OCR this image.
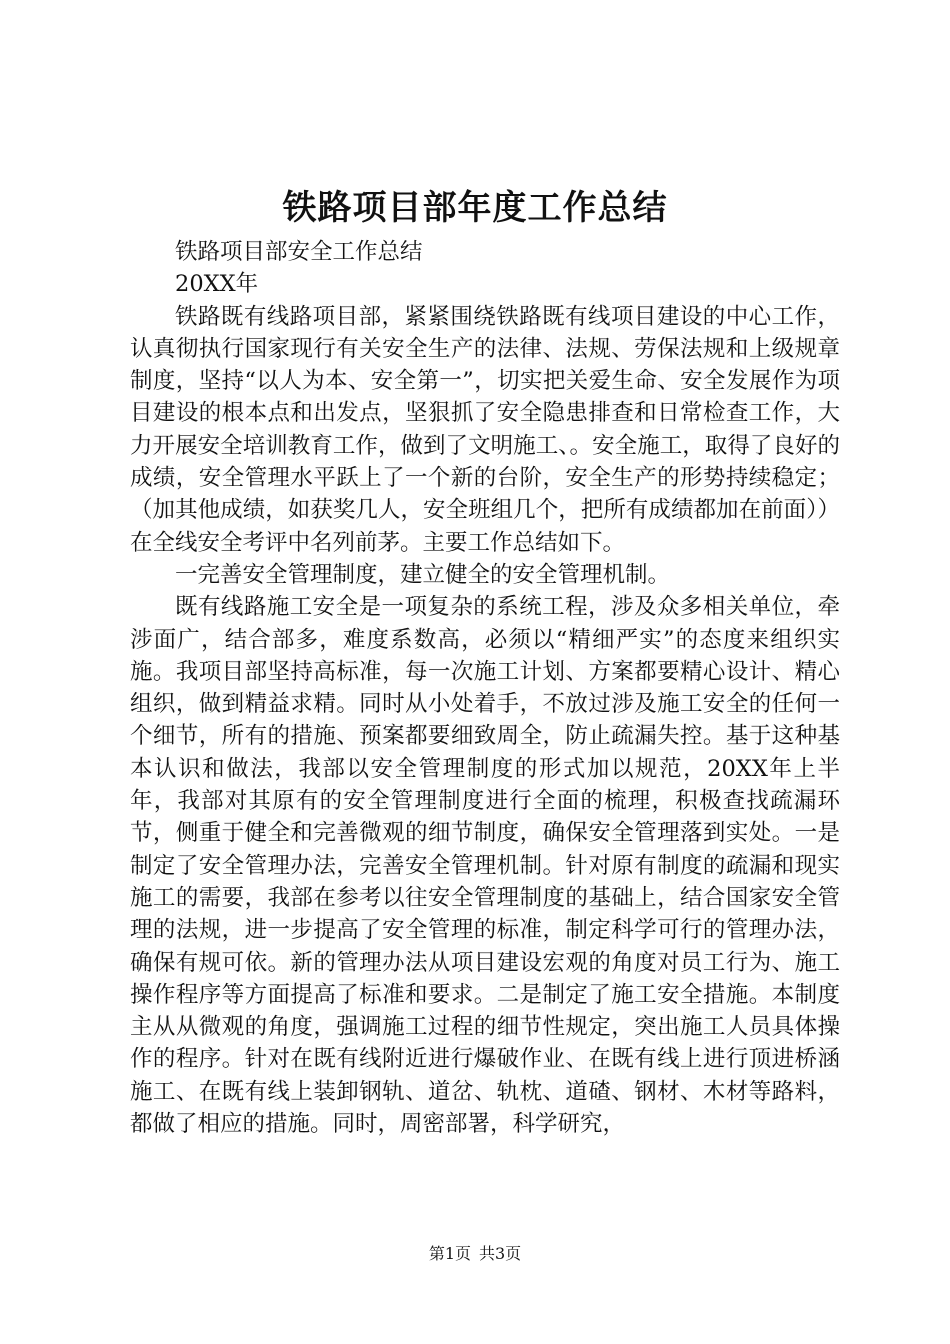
铁路项目部年度工作总结

铁路项目部安全工作总结

20XX年

铁路既有线路项目部，紧紧围绕铁路既有线项目建设的中心工作，认真彻执行国家现行有关安全生产的法律、法规、劳保法规和上级规章制度，坚持“以人为本、安全第一”，切实把关爱生命、安全发展作为项目建设的根本点和出发点，坚狠抓了安全隐患排查和日常检查工作，大力开展安全培训教育工作，做到了文明施工、。安全施工，取得了良好的成绩，安全管理水平跃上了一个新的台阶，安全生产的形势持续稳定；（加其他成绩，如获奖几人，安全班组几个，把所有成绩都加在前面））在全线安全考评中名列前茅。主要工作总结如下。

一完善安全管理制度，建立健全的安全管理机制。

既有线路施工安全是一项复杂的系统工程，涉及众多相关单位，牵涉面广，结合部多，难度系数高，必须以“精细严实”的态度来组织实施。我项目部坚持高标准，每一次施工计划、方案都要精心设计、精心组织，做到精益求精。同时从小处着手，不放过涉及施工安全的任何一个细节，所有的措施、预案都要细致周全，防止疏漏失控。基于这种基本认识和做法，我部以安全管理制度的形式加以规范，20XX年上半年，我部对其原有的安全管理制度进行全面的梳理，积极查找疏漏环节，侧重于健全和完善微观的细节制度，确保安全管理落到实处。一是制定了安全管理办法，完善安全管理机制。针对原有制度的疏漏和现实施工的需要，我部在参考以往安全管理制度的基础上，结合国家安全管理的法规，进一步提高了安全管理的标准，制定科学可行的管理办法，确保有规可依。新的管理办法从项目建设宏观的角度对员工行为、施工操作程序等方面提高了标准和要求。二是制定了施工安全措施。本制度主从从微观的角度，强调施工过程的细节性规定，突出施工人员具体操作的程序。针对在既有线附近进行爆破作业、在既有线上进行顶进桥涵施工、在既有线上装卸钢轨、道岔、轨枕、道碴、钢材、木材等路料，都做了相应的措施。同时，周密部署，科学研究，

第1页 共3页
